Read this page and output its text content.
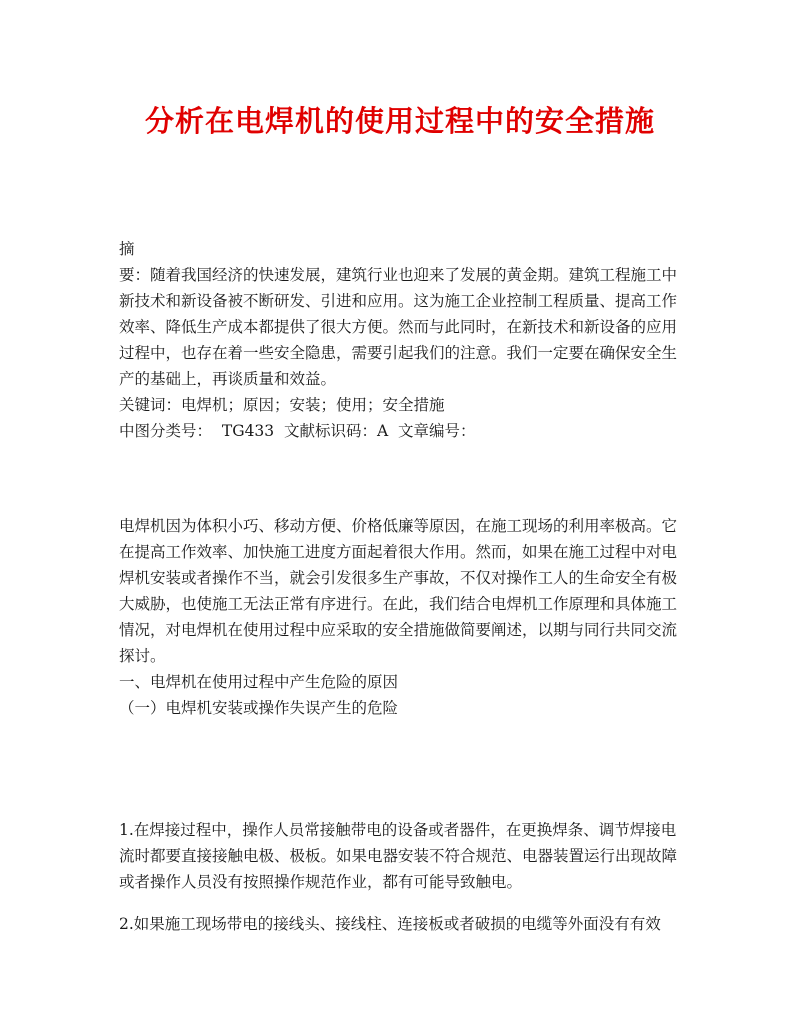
分析在电焊机的使用过程中的安全措施

摘

要：随着我国经济的快速发展，建筑行业也迎来了发展的黄金期。建筑工程施工中新技术和新设备被不断研发、引进和应用。这为施工企业控制工程质量、提高工作效率、降低生产成本都提供了很大方便。然而与此同时，在新技术和新设备的应用过程中，也存在着一些安全隐患，需要引起我们的注意。我们一定要在确保安全生产的基础上，再谈质量和效益。

关键词：电焊机；原因；安装；使用；安全措施

中图分类号：  TG433  文献标识码：A  文章编号：

电焊机因为体积小巧、移动方便、价格低廉等原因，在施工现场的利用率极高。它在提高工作效率、加快施工进度方面起着很大作用。然而，如果在施工过程中对电焊机安装或者操作不当，就会引发很多生产事故，不仅对操作工人的生命安全有极大威胁，也使施工无法正常有序进行。在此，我们结合电焊机工作原理和具体施工情况，对电焊机在使用过程中应采取的安全措施做简要阐述，以期与同行共同交流探讨。

一、电焊机在使用过程中产生危险的原因

（一）电焊机安装或操作失误产生的危险

1.在焊接过程中，操作人员常接触带电的设备或者器件，在更换焊条、调节焊接电流时都要直接接触电极、极板。如果电器安装不符合规范、电器装置运行出现故障或者操作人员没有按照操作规范作业，都有可能导致触电。

2.如果施工现场带电的接线头、接线柱、连接板或者破损的电缆等外面没有有效
